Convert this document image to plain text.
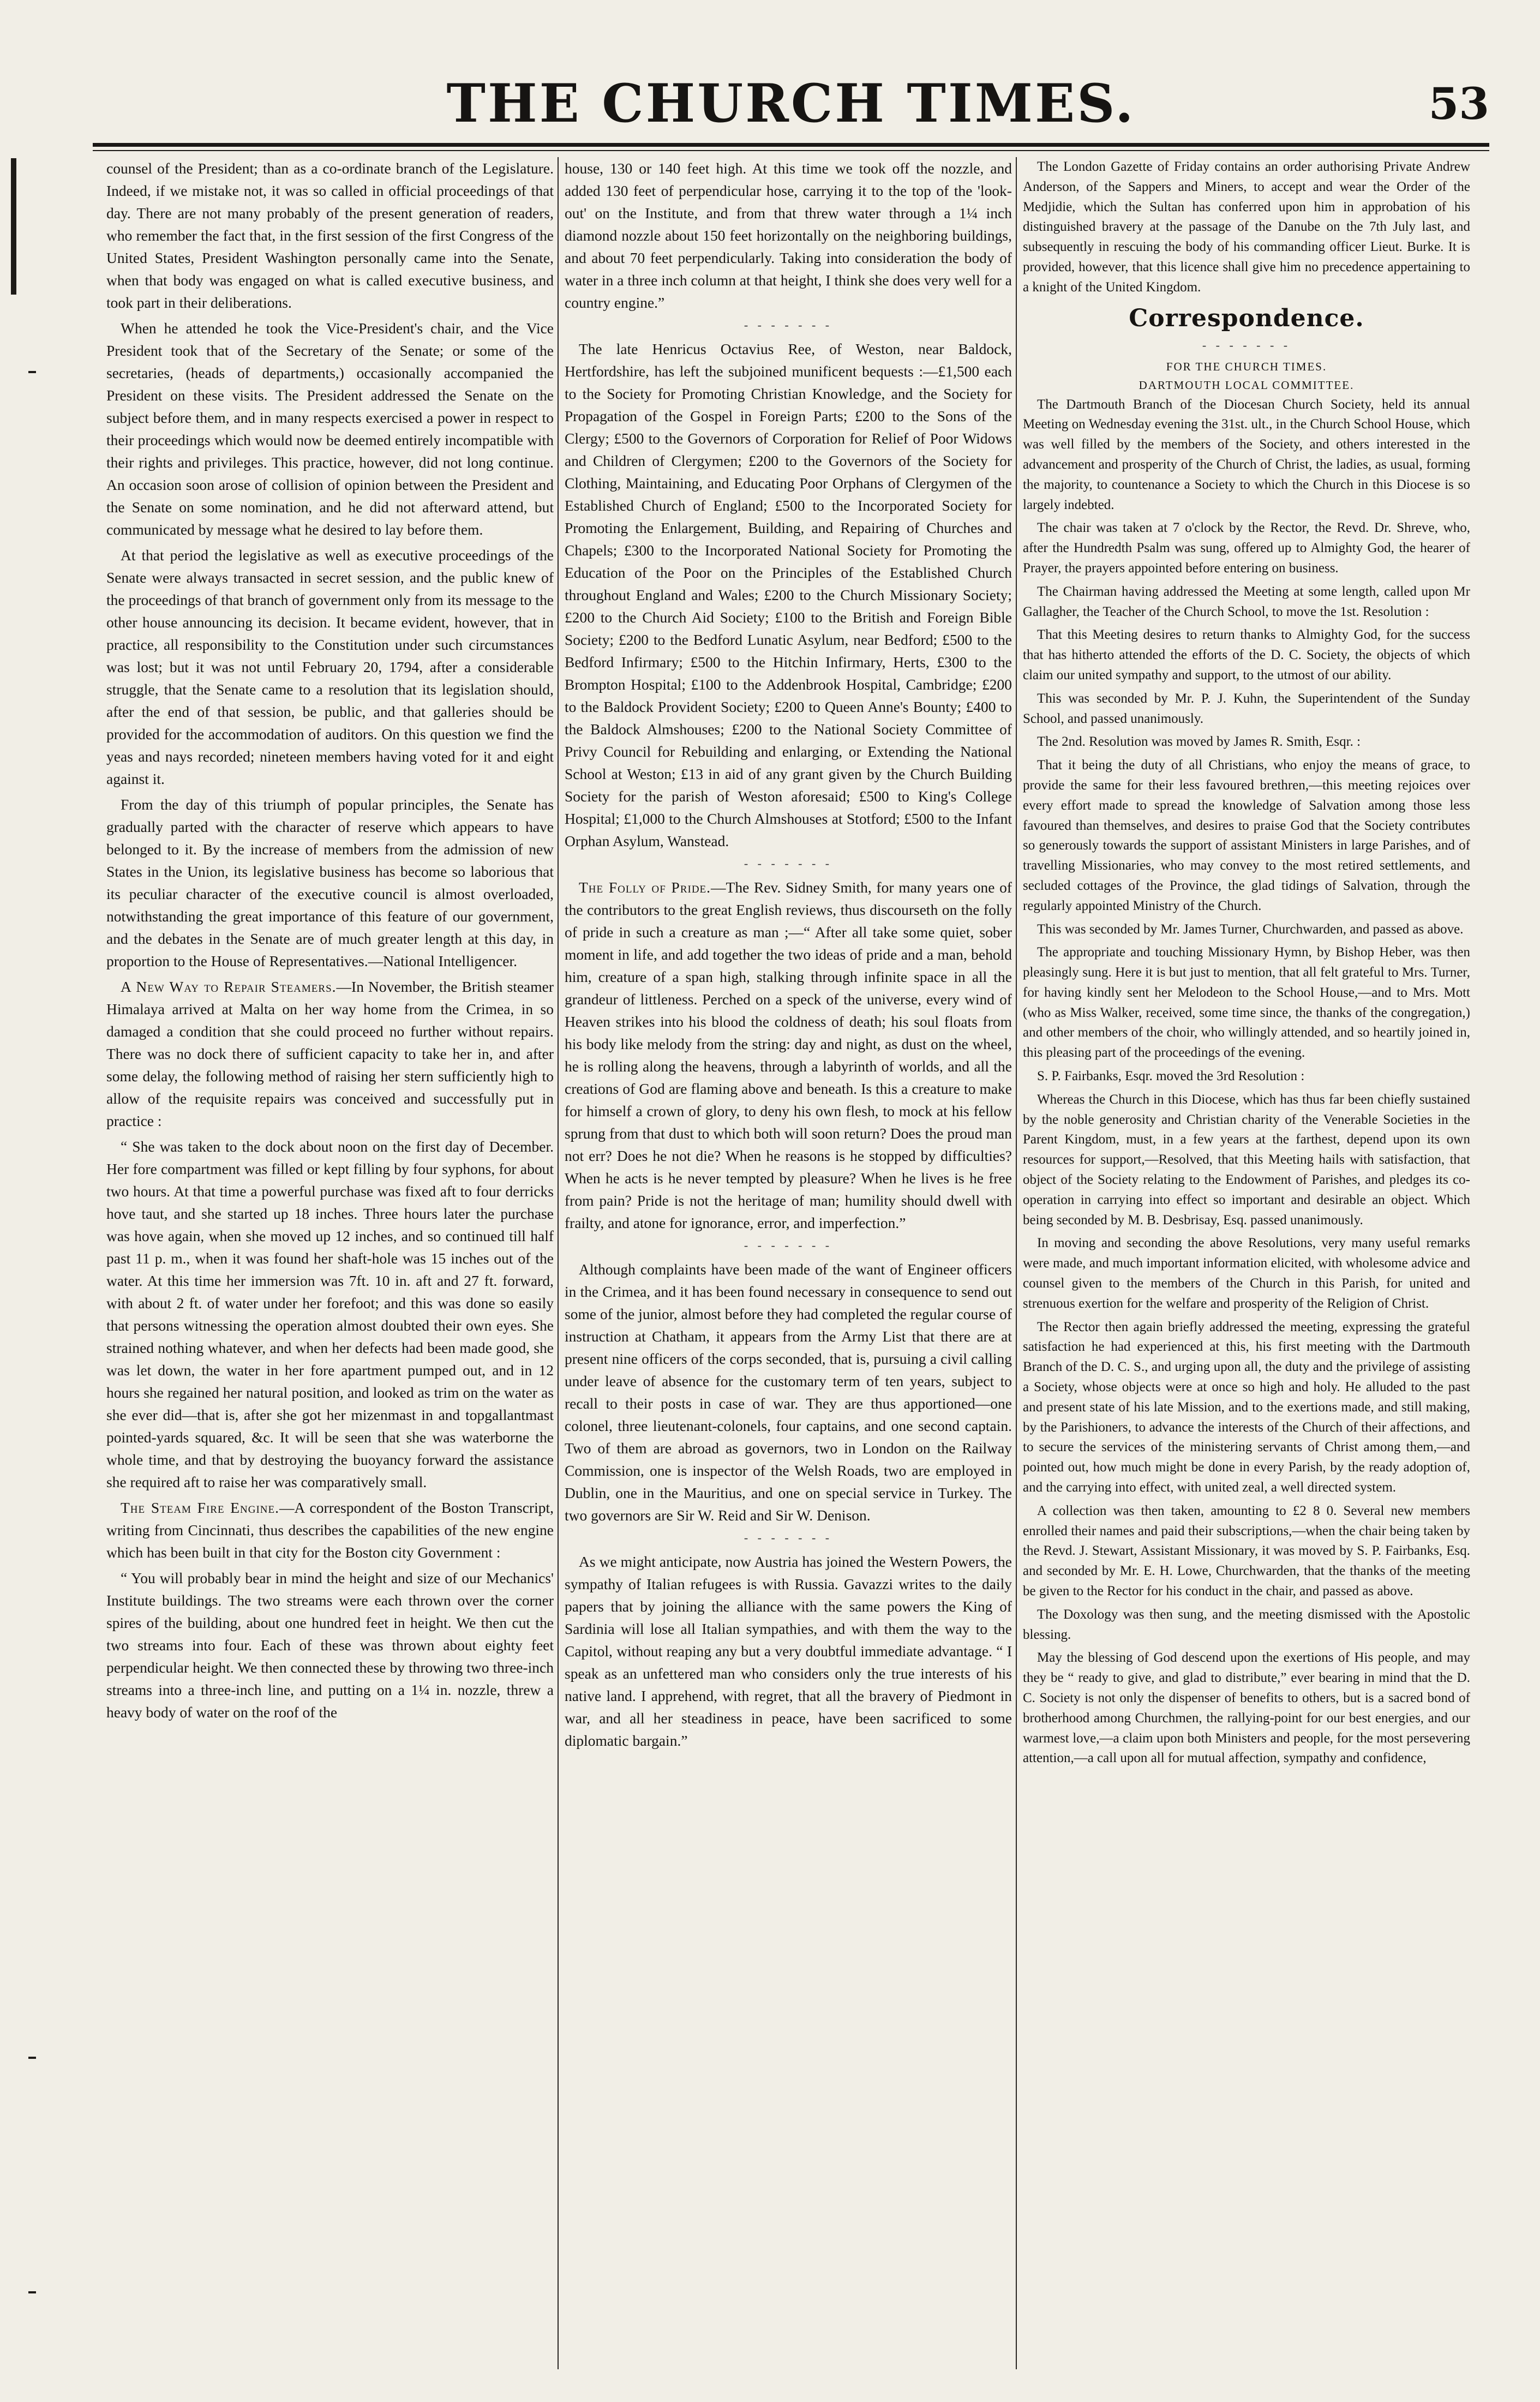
THE CHURCH TIMES.	53

counsel of the President; than as a co-ordinate branch of the Legislature. Indeed, if we mistake not, it was so called in official proceedings of that day. There are not many probably of the present generation of readers, who remember the fact that, in the first session of the first Congress of the United States, President Washington personally came into the Senate, when that body was engaged on what is called executive business, and took part in their deliberations.

When he attended he took the Vice-President's chair, and the Vice President took that of the Secretary of the Senate; or some of the secretaries, (heads of departments,) occasionally accompanied the President on these visits. The President addressed the Senate on the subject before them, and in many respects exercised a power in respect to their proceedings which would now be deemed entirely incompatible with their rights and privileges. This practice, however, did not long continue. An occasion soon arose of collision of opinion between the President and the Senate on some nomination, and he did not afterward attend, but communicated by message what he desired to lay before them.

At that period the legislative as well as executive proceedings of the Senate were always transacted in secret session, and the public knew of the proceedings of that branch of government only from its message to the other house announcing its decision. It became evident, however, that in practice, all responsibility to the Constitution under such circumstances was lost; but it was not until February 20, 1794, after a considerable struggle, that the Senate came to a resolution that its legislation should, after the end of that session, be public, and that galleries should be provided for the accommodation of auditors. On this question we find the yeas and nays recorded; nineteen members having voted for it and eight against it.

From the day of this triumph of popular principles, the Senate has gradually parted with the character of reserve which appears to have belonged to it. By the increase of members from the admission of new States in the Union, its legislative business has become so laborious that its peculiar character of the executive council is almost overloaded, notwithstanding the great importance of this feature of our government, and the debates in the Senate are of much greater length at this day, in proportion to the House of Representatives.—National Intelligencer.

A New Way to Repair Steamers.—In November, the British steamer Himalaya arrived at Malta on her way home from the Crimea, in so damaged a condition that she could proceed no further without repairs. There was no dock there of sufficient capacity to take her in, and after some delay, the following method of raising her stern sufficiently high to allow of the requisite repairs was conceived and successfully put in practice :

“ She was taken to the dock about noon on the first day of December. Her fore compartment was filled or kept filling by four syphons, for about two hours. At that time a powerful purchase was fixed aft to four derricks hove taut, and she started up 18 inches. Three hours later the purchase was hove again, when she moved up 12 inches, and so continued till half past 11 p. m., when it was found her shaft-hole was 15 inches out of the water. At this time her immersion was 7ft. 10 in. aft and 27 ft. forward, with about 2 ft. of water under her forefoot; and this was done so easily that persons witnessing the operation almost doubted their own eyes. She strained nothing whatever, and when her defects had been made good, she was let down, the water in her fore apartment pumped out, and in 12 hours she regained her natural position, and looked as trim on the water as she ever did—that is, after she got her mizenmast in and topgallantmast pointed-yards squared, &c. It will be seen that she was waterborne the whole time, and that by destroying the buoyancy forward the assistance she required aft to raise her was comparatively small.

The Steam Fire Engine.—A correspondent of the Boston Transcript, writing from Cincinnati, thus describes the capabilities of the new engine which has been built in that city for the Boston city Government :

“ You will probably bear in mind the height and size of our Mechanics' Institute buildings. The two streams were each thrown over the corner spires of the building, about one hundred feet in height. We then cut the two streams into four. Each of these was thrown about eighty feet perpendicular height. We then connected these by throwing two three-inch streams into a three-inch line, and putting on a 1¼ in. nozzle, threw a heavy body of water on the roof of the

house, 130 or 140 feet high. At this time we took off the nozzle, and added 130 feet of perpendicular hose, carrying it to the top of the 'look-out' on the Institute, and from that threw water through a 1¼ inch diamond nozzle about 150 feet horizontally on the neighboring buildings, and about 70 feet perpendicularly. Taking into consideration the body of water in a three inch column at that height, I think she does very well for a country engine.”

- - - - - - -

The late Henricus Octavius Ree, of Weston, near Baldock, Hertfordshire, has left the subjoined munificent bequests :—£1,500 each to the Society for Promoting Christian Knowledge, and the Society for Propagation of the Gospel in Foreign Parts; £200 to the Sons of the Clergy; £500 to the Governors of Corporation for Relief of Poor Widows and Children of Clergymen; £200 to the Governors of the Society for Clothing, Maintaining, and Educating Poor Orphans of Clergymen of the Established Church of England; £500 to the Incorporated Society for Promoting the Enlargement, Building, and Repairing of Churches and Chapels; £300 to the Incorporated National Society for Promoting the Education of the Poor on the Principles of the Established Church throughout England and Wales; £200 to the Church Missionary Society; £200 to the Church Aid Society; £100 to the British and Foreign Bible Society; £200 to the Bedford Lunatic Asylum, near Bedford; £500 to the Bedford Infirmary; £500 to the Hitchin Infirmary, Herts, £300 to the Brompton Hospital; £100 to the Addenbrook Hospital, Cambridge; £200 to the Baldock Provident Society; £200 to Queen Anne's Bounty; £400 to the Baldock Almshouses; £200 to the National Society Committee of Privy Council for Rebuilding and enlarging, or Extending the National School at Weston; £13 in aid of any grant given by the Church Building Society for the parish of Weston aforesaid; £500 to King's College Hospital; £1,000 to the Church Almshouses at Stotford; £500 to the Infant Orphan Asylum, Wanstead.

- - - - - - -

The Folly of Pride.—The Rev. Sidney Smith, for many years one of the contributors to the great English reviews, thus discourseth on the folly of pride in such a creature as man ;—“ After all take some quiet, sober moment in life, and add together the two ideas of pride and a man, behold him, creature of a span high, stalking through infinite space in all the grandeur of littleness. Perched on a speck of the universe, every wind of Heaven strikes into his blood the coldness of death; his soul floats from his body like melody from the string: day and night, as dust on the wheel, he is rolling along the heavens, through a labyrinth of worlds, and all the creations of God are flaming above and beneath. Is this a creature to make for himself a crown of glory, to deny his own flesh, to mock at his fellow sprung from that dust to which both will soon return? Does the proud man not err? Does he not die? When he reasons is he stopped by difficulties? When he acts is he never tempted by pleasure? When he lives is he free from pain? Pride is not the heritage of man; humility should dwell with frailty, and atone for ignorance, error, and imperfection.”

- - - - - - -

Although complaints have been made of the want of Engineer officers in the Crimea, and it has been found necessary in consequence to send out some of the junior, almost before they had completed the regular course of instruction at Chatham, it appears from the Army List that there are at present nine officers of the corps seconded, that is, pursuing a civil calling under leave of absence for the customary term of ten years, subject to recall to their posts in case of war. They are thus apportioned—one colonel, three lieutenant-colonels, four captains, and one second captain. Two of them are abroad as governors, two in London on the Railway Commission, one is inspector of the Welsh Roads, two are employed in Dublin, one in the Mauritius, and one on special service in Turkey. The two governors are Sir W. Reid and Sir W. Denison.

- - - - - - -

As we might anticipate, now Austria has joined the Western Powers, the sympathy of Italian refugees is with Russia. Gavazzi writes to the daily papers that by joining the alliance with the same powers the King of Sardinia will lose all Italian sympathies, and with them the way to the Capitol, without reaping any but a very doubtful immediate advantage. “ I speak as an unfettered man who considers only the true interests of his native land. I apprehend, with regret, that all the bravery of Piedmont in war, and all her steadiness in peace, have been sacrificed to some diplomatic bargain.”

The London Gazette of Friday contains an order authorising Private Andrew Anderson, of the Sappers and Miners, to accept and wear the Order of the Medjidie, which the Sultan has conferred upon him in approbation of his distinguished bravery at the passage of the Danube on the 7th July last, and subsequently in rescuing the body of his commanding officer Lieut. Burke. It is provided, however, that this licence shall give him no precedence appertaining to a knight of the United Kingdom.

Correspondence.
- - - - - - -
FOR THE CHURCH TIMES.
DARTMOUTH LOCAL COMMITTEE.

The Dartmouth Branch of the Diocesan Church Society, held its annual Meeting on Wednesday evening the 31st. ult., in the Church School House, which was well filled by the members of the Society, and others interested in the advancement and prosperity of the Church of Christ, the ladies, as usual, forming the majority, to countenance a Society to which the Church in this Diocese is so largely indebted.

The chair was taken at 7 o'clock by the Rector, the Revd. Dr. Shreve, who, after the Hundredth Psalm was sung, offered up to Almighty God, the hearer of Prayer, the prayers appointed before entering on business.

The Chairman having addressed the Meeting at some length, called upon Mr Gallagher, the Teacher of the Church School, to move the 1st. Resolution :

That this Meeting desires to return thanks to Almighty God, for the success that has hitherto attended the efforts of the D. C. Society, the objects of which claim our united sympathy and support, to the utmost of our ability.

This was seconded by Mr. P. J. Kuhn, the Superintendent of the Sunday School, and passed unanimously.

The 2nd. Resolution was moved by James R. Smith, Esqr. :

That it being the duty of all Christians, who enjoy the means of grace, to provide the same for their less favoured brethren,—this meeting rejoices over every effort made to spread the knowledge of Salvation among those less favoured than themselves, and desires to praise God that the Society contributes so generously towards the support of assistant Ministers in large Parishes, and of travelling Missionaries, who may convey to the most retired settlements, and secluded cottages of the Province, the glad tidings of Salvation, through the regularly appointed Ministry of the Church.

This was seconded by Mr. James Turner, Churchwarden, and passed as above.

The appropriate and touching Missionary Hymn, by Bishop Heber, was then pleasingly sung. Here it is but just to mention, that all felt grateful to Mrs. Turner, for having kindly sent her Melodeon to the School House,—and to Mrs. Mott (who as Miss Walker, received, some time since, the thanks of the congregation,) and other members of the choir, who willingly attended, and so heartily joined in, this pleasing part of the proceedings of the evening.

S. P. Fairbanks, Esqr. moved the 3rd Resolution :

Whereas the Church in this Diocese, which has thus far been chiefly sustained by the noble generosity and Christian charity of the Venerable Societies in the Parent Kingdom, must, in a few years at the farthest, depend upon its own resources for support,—Resolved, that this Meeting hails with satisfaction, that object of the Society relating to the Endowment of Parishes, and pledges its co-operation in carrying into effect so important and desirable an object. Which being seconded by M. B. Desbrisay, Esq. passed unanimously.

In moving and seconding the above Resolutions, very many useful remarks were made, and much important information elicited, with wholesome advice and counsel given to the members of the Church in this Parish, for united and strenuous exertion for the welfare and prosperity of the Religion of Christ.

The Rector then again briefly addressed the meeting, expressing the grateful satisfaction he had experienced at this, his first meeting with the Dartmouth Branch of the D. C. S., and urging upon all, the duty and the privilege of assisting a Society, whose objects were at once so high and holy. He alluded to the past and present state of his late Mission, and to the exertions made, and still making, by the Parishioners, to advance the interests of the Church of their affections, and to secure the services of the ministering servants of Christ among them,—and pointed out, how much might be done in every Parish, by the ready adoption of, and the carrying into effect, with united zeal, a well directed system.

A collection was then taken, amounting to £2 8 0. Several new members enrolled their names and paid their subscriptions,—when the chair being taken by the Revd. J. Stewart, Assistant Missionary, it was moved by S. P. Fairbanks, Esq. and seconded by Mr. E. H. Lowe, Churchwarden, that the thanks of the meeting be given to the Rector for his conduct in the chair, and passed as above.

The Doxology was then sung, and the meeting dismissed with the Apostolic blessing.

May the blessing of God descend upon the exertions of His people, and may they be “ ready to give, and glad to distribute,” ever bearing in mind that the D. C. Society is not only the dispenser of benefits to others, but is a sacred bond of brotherhood among Churchmen, the rallying-point for our best energies, and our warmest love,—a claim upon both Ministers and people, for the most persevering attention,—a call upon all for mutual affection, sympathy and confidence,
